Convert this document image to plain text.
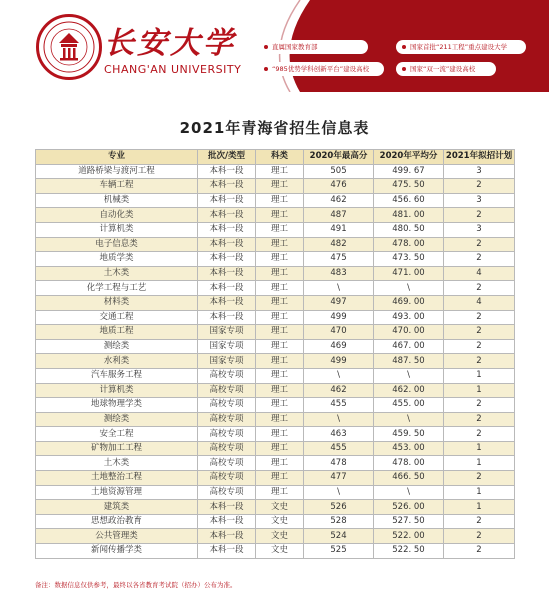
长安大学
CHANG'AN UNIVERSITY
直属国家教育部	国家首批“211工程”重点建设大学
“985优势学科创新平台”建设高校	国家“双一流”建设高校
2021年青海省招生信息表
专业	批次/类型	科类	2020年最高分	2020年平均分	2021年拟招计划
道路桥梁与渡河工程	本科一段	理工	505	499. 67	3
车辆工程	本科一段	理工	476	475. 50	2
机械类	本科一段	理工	462	456. 60	3
自动化类	本科一段	理工	487	481. 00	2
计算机类	本科一段	理工	491	480. 50	3
电子信息类	本科一段	理工	482	478. 00	2
地质学类	本科一段	理工	475	473. 50	2
土木类	本科一段	理工	483	471. 00	4
化学工程与工艺	本科一段	理工	\	\	2
材料类	本科一段	理工	497	469. 00	4
交通工程	本科一段	理工	499	493. 00	2
地质工程	国家专项	理工	470	470. 00	2
测绘类	国家专项	理工	469	467. 00	2
水利类	国家专项	理工	499	487. 50	2
汽车服务工程	高校专项	理工	\	\	1
计算机类	高校专项	理工	462	462. 00	1
地球物理学类	高校专项	理工	455	455. 00	2
测绘类	高校专项	理工	\	\	2
安全工程	高校专项	理工	463	459. 50	2
矿物加工工程	高校专项	理工	455	453. 00	1
土木类	高校专项	理工	478	478. 00	1
土地整治工程	高校专项	理工	477	466. 50	2
土地资源管理	高校专项	理工	\	\	1
建筑类	本科一段	文史	526	526. 00	1
思想政治教育	本科一段	文史	528	527. 50	2
公共管理类	本科一段	文史	524	522. 00	2
新闻传播学类	本科一段	文史	525	522. 50	2
备注：数据信息仅供参考，最终以各省教育考试院（招办）公布为准。
